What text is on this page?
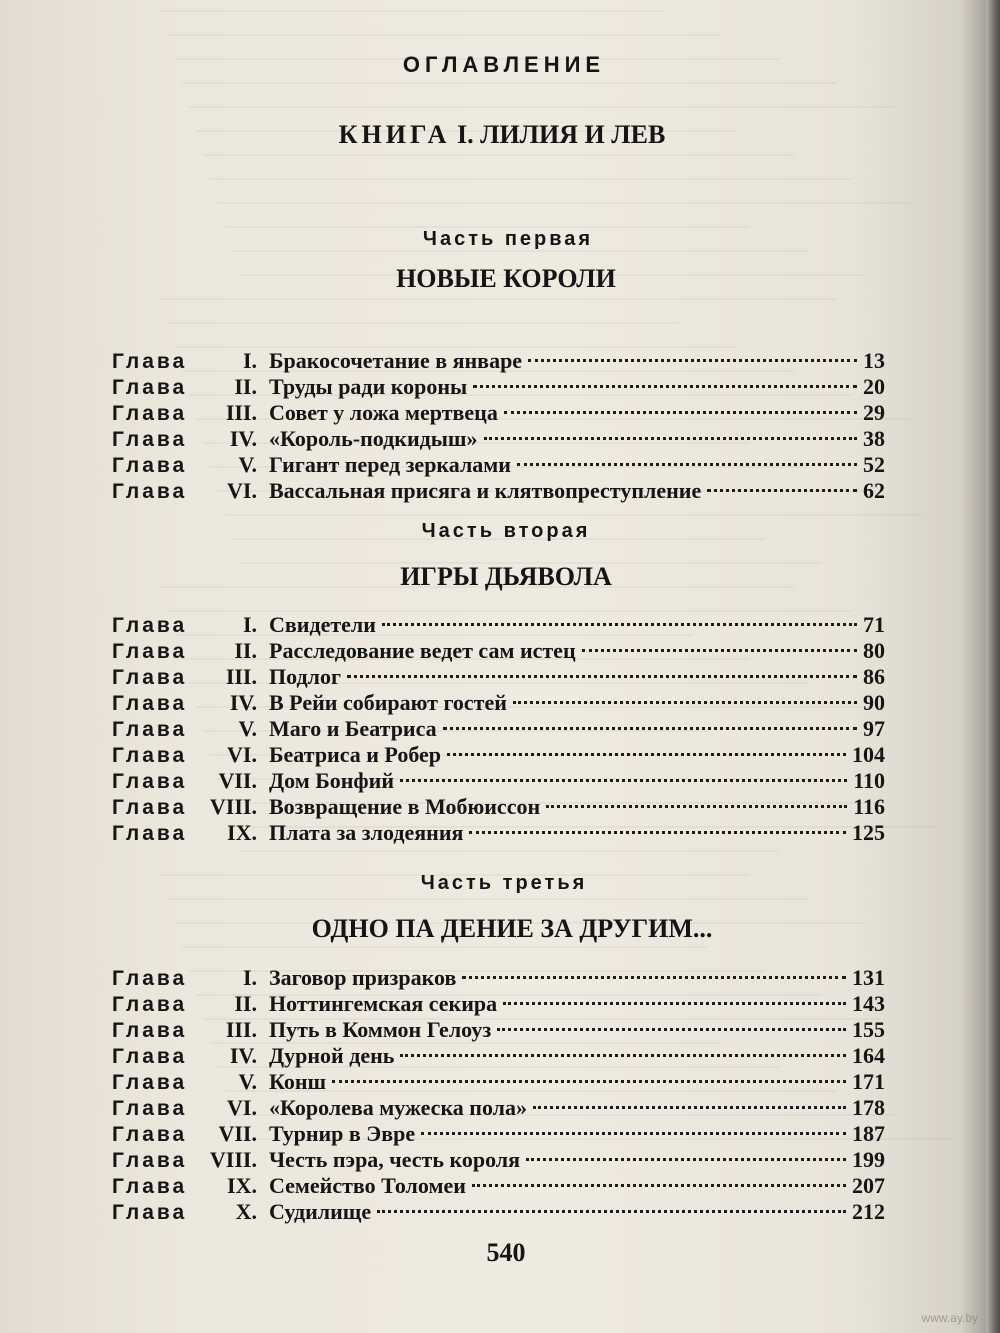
ОГЛАВЛЕНИЕ
КНИГА I. ЛИЛИЯ И ЛЕВ
Часть первая
НОВЫЕ КОРОЛИ
Глава	I. Бракосочетание в январе	13
Глава	II. Труды ради короны	20
Глава	III. Совет у ложа мертвеца	29
Глава	IV. «Король-подкидыш»	38
Глава	V. Гигант перед зеркалами	52
Глава	VI. Вассальная присяга и клятвопреступление	62
Часть вторая
ИГРЫ ДЬЯВОЛА
Глава	I. Свидетели	71
Глава	II. Расследование ведет сам истец	80
Глава	III. Подлог	86
Глава	IV. В Рейи собирают гостей	90
Глава	V. Маго и Беатриса	97
Глава	VI. Беатриса и Робер	104
Глава	VII. Дом Бонфий	110
Глава	VIII. Возвращение в Мобюиссон	116
Глава	IX. Плата за злодеяния	125
Часть третья
ОДНО ПА ДЕНИЕ ЗА ДРУГИМ...
Глава	I. Заговор призраков	131
Глава	II. Ноттингемская секира	143
Глава	III. Путь в Коммон Гелоуз	155
Глава	IV. Дурной день	164
Глава	V. Конш	171
Глава	VI. «Королева мужеска пола»	178
Глава	VII. Турнир в Эвре	187
Глава	VIII. Честь пэра, честь короля	199
Глава	IX. Семейство Толомеи	207
Глава	X. Судилище	212
540
www.ay.by
